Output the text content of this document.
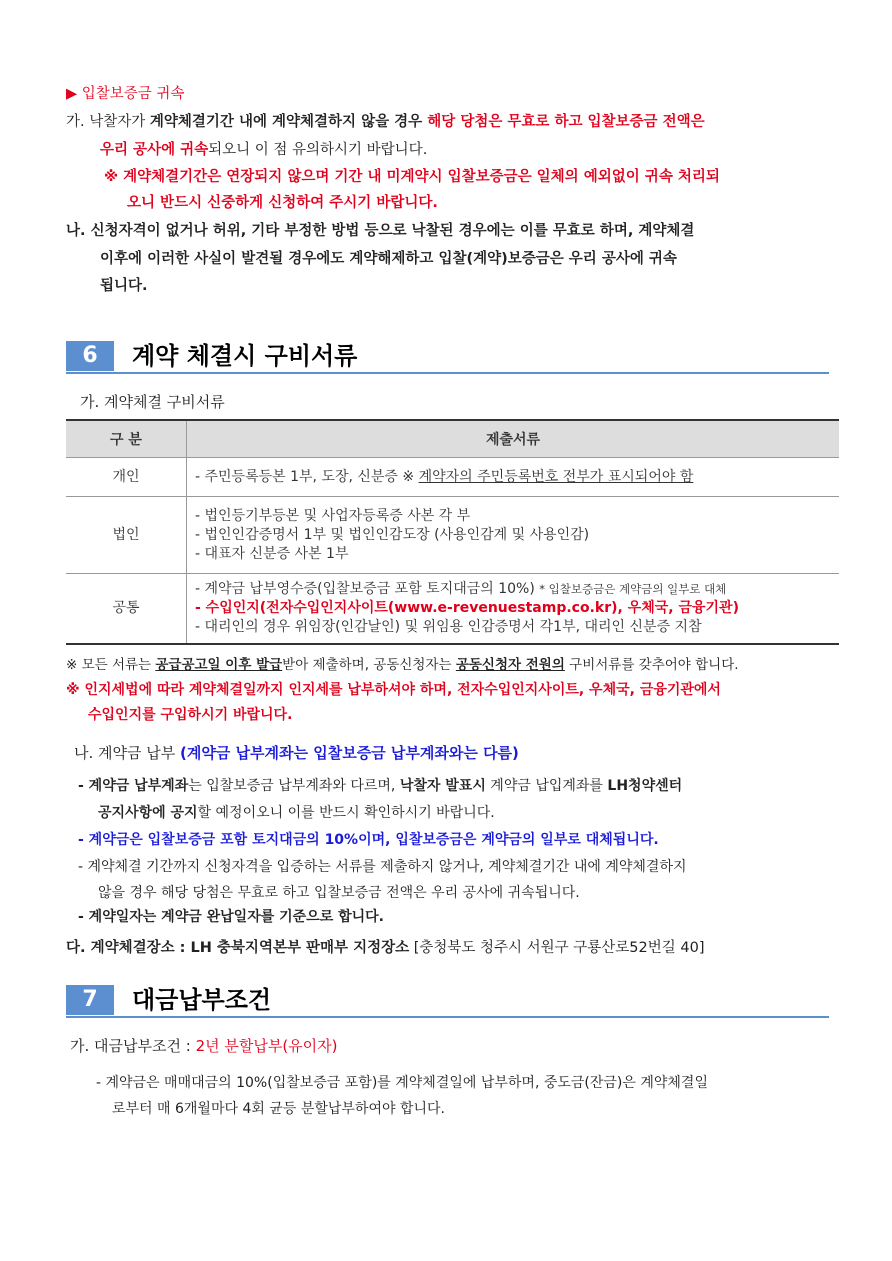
▶ 입찰보증금 귀속
가. 낙찰자가 계약체결기간 내에 계약체결하지 않을 경우 해당 당첨은 무효로 하고 입찰보증금 전액은
우리 공사에 귀속되오니 이 점 유의하시기 바랍니다.
※ 계약체결기간은 연장되지 않으며 기간 내 미계약시 입찰보증금은 일체의 예외없이 귀속 처리되
오니 반드시 신중하게 신청하여 주시기 바랍니다.
나. 신청자격이 없거나 허위, 기타 부정한 방법 등으로 낙찰된 경우에는 이를 무효로 하며, 계약체결
이후에 이러한 사실이 발견될 경우에도 계약해제하고 입찰(계약)보증금은 우리 공사에 귀속
됩니다.
6	계약 체결시 구비서류
가. 계약체결 구비서류
구 분	제출서류
개인	- 주민등록등본 1부, 도장, 신분증 ※ 계약자의 주민등록번호 전부가 표시되어야 함
법인	- 법인등기부등본 및 사업자등록증 사본 각 부
- 법인인감증명서 1부 및 법인인감도장 (사용인감계 및 사용인감)
- 대표자 신분증 사본 1부

공통	- 계약금 납부영수증(입찰보증금 포함 토지대금의 10%) * 입찰보증금은 계약금의 일부로 대체
- 수입인지(전자수입인지사이트(www.e-revenuestamp.co.kr), 우체국, 금융기관)
- 대리인의 경우 위임장(인감날인) 및 위임용 인감증명서 각1부, 대리인 신분증 지참
※ 모든 서류는 공급공고일 이후 발급받아 제출하며, 공동신청자는 공동신청자 전원의 구비서류를 갖추어야 합니다.
※ 인지세법에 따라 계약체결일까지 인지세를 납부하셔야 하며, 전자수입인지사이트, 우체국, 금융기관에서
수입인지를 구입하시기 바랍니다.
나. 계약금 납부 (계약금 납부계좌는 입찰보증금 납부계좌와는 다름)
- 계약금 납부계좌는 입찰보증금 납부계좌와 다르며, 낙찰자 발표시 계약금 납입계좌를 LH청약센터
공지사항에 공지할 예정이오니 이를 반드시 확인하시기 바랍니다.
- 계약금은 입찰보증금 포함 토지대금의 10%이며, 입찰보증금은 계약금의 일부로 대체됩니다.
- 계약체결 기간까지 신청자격을 입증하는 서류를 제출하지 않거나, 계약체결기간 내에 계약체결하지
않을 경우 해당 당첨은 무효로 하고 입찰보증금 전액은 우리 공사에 귀속됩니다.
- 계약일자는 계약금 완납일자를 기준으로 합니다.
다. 계약체결장소 : LH 충북지역본부 판매부 지정장소 [충청북도 청주시 서원구 구룡산로52번길 40]
7	대금납부조건
가. 대금납부조건 : 2년 분할납부(유이자)
- 계약금은 매매대금의 10%(입찰보증금 포함)를 계약체결일에 납부하며, 중도금(잔금)은 계약체결일
로부터 매 6개월마다 4회 균등 분할납부하여야 합니다.
